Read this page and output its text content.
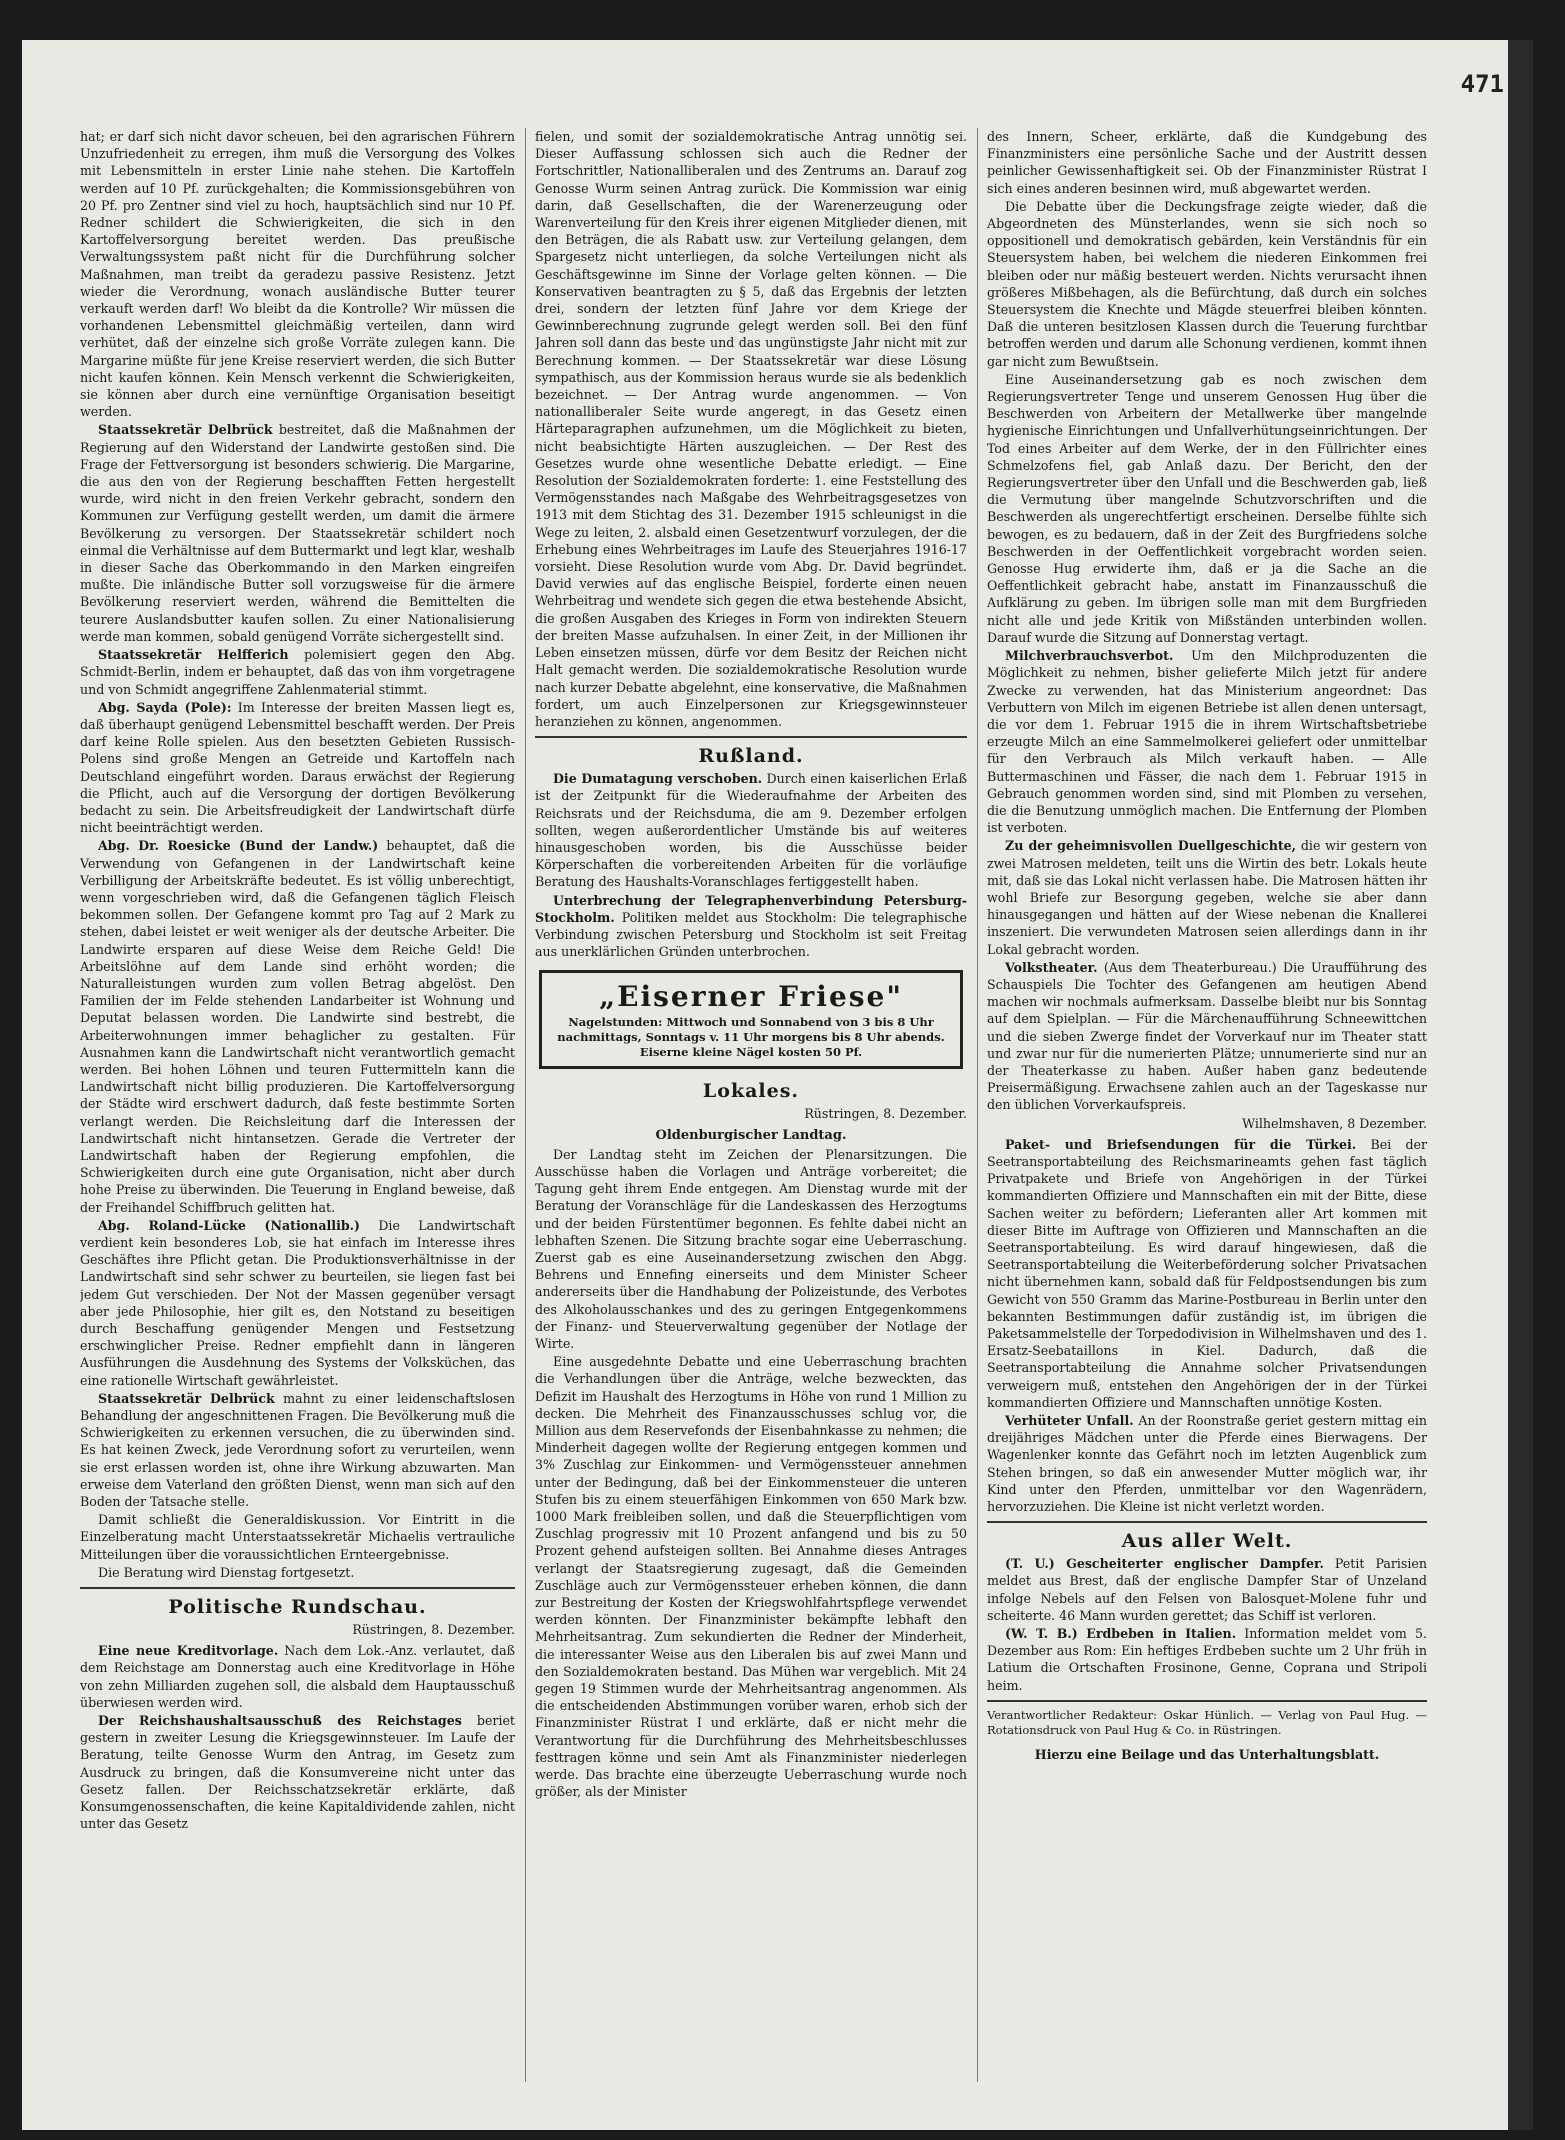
471

hat; er darf sich nicht davor scheuen, bei den agrarischen Führern Unzufriedenheit zu erregen, ihm muß die Versorgung des Volkes mit Lebensmitteln in erster Linie nahe stehen. Die Kartoffeln werden auf 10 Pf. zurückgehalten; die Kommissionsgebühren von 20 Pf. pro Zentner sind viel zu hoch, hauptsächlich sind nur 10 Pf. Redner schildert die Schwierigkeiten, die sich in den Kartoffelversorgung bereitet werden. Das preußische Verwaltungssystem paßt nicht für die Durchführung solcher Maßnahmen, man treibt da geradezu passive Resistenz. Jetzt wieder die Verordnung, wonach ausländische Butter teurer verkauft werden darf! Wo bleibt da die Kontrolle? Wir müssen die vorhandenen Lebensmittel gleichmäßig verteilen, dann wird verhütet, daß der einzelne sich große Vorräte zulegen kann. Die Margarine müßte für jene Kreise reserviert werden, die sich Butter nicht kaufen können. Kein Mensch verkennt die Schwierigkeiten, sie können aber durch eine vernünftige Organisation beseitigt werden.

Staatssekretär Delbrück bestreitet, daß die Maßnahmen der Regierung auf den Widerstand der Landwirte gestoßen sind. Die Frage der Fettversorgung ist besonders schwierig. Die Margarine, die aus den von der Regierung beschafften Fetten hergestellt wurde, wird nicht in den freien Verkehr gebracht, sondern den Kommunen zur Verfügung gestellt werden, um damit die ärmere Bevölkerung zu versorgen. Der Staatssekretär schildert noch einmal die Verhältnisse auf dem Buttermarkt und legt klar, weshalb in dieser Sache das Oberkommando in den Marken eingreifen mußte. Die inländische Butter soll vorzugsweise für die ärmere Bevölkerung reserviert werden, während die Bemittelten die teurere Auslandsbutter kaufen sollen. Zu einer Nationalisierung werde man kommen, sobald genügend Vorräte sichergestellt sind.

Staatssekretär Helfferich polemisiert gegen den Abg. Schmidt-Berlin, indem er behauptet, daß das von ihm vorgetragene und von Schmidt angegriffene Zahlenmaterial stimmt.

Abg. Sayda (Pole): Im Interesse der breiten Massen liegt es, daß überhaupt genügend Lebensmittel beschafft werden. Der Preis darf keine Rolle spielen. Aus den besetzten Gebieten Russisch-Polens sind große Mengen an Getreide und Kartoffeln nach Deutschland eingeführt worden. Daraus erwächst der Regierung die Pflicht, auch auf die Versorgung der dortigen Bevölkerung bedacht zu sein. Die Arbeitsfreudigkeit der Landwirtschaft dürfe nicht beeinträchtigt werden.

Abg. Dr. Roesicke (Bund der Landw.) behauptet, daß die Verwendung von Gefangenen in der Landwirtschaft keine Verbilligung der Arbeitskräfte bedeutet. Es ist völlig unberechtigt, wenn vorgeschrieben wird, daß die Gefangenen täglich Fleisch bekommen sollen. Der Gefangene kommt pro Tag auf 2 Mark zu stehen, dabei leistet er weit weniger als der deutsche Arbeiter. Die Landwirte ersparen auf diese Weise dem Reiche Geld! Die Arbeitslöhne auf dem Lande sind erhöht worden; die Naturalleistungen wurden zum vollen Betrag abgelöst. Den Familien der im Felde stehenden Landarbeiter ist Wohnung und Deputat belassen worden. Die Landwirte sind bestrebt, die Arbeiterwohnungen immer behaglicher zu gestalten. Für Ausnahmen kann die Landwirtschaft nicht verantwortlich gemacht werden. Bei hohen Löhnen und teuren Futtermitteln kann die Landwirtschaft nicht billig produzieren. Die Kartoffelversorgung der Städte wird erschwert dadurch, daß feste bestimmte Sorten verlangt werden. Die Reichsleitung darf die Interessen der Landwirtschaft nicht hintansetzen. Gerade die Vertreter der Landwirtschaft haben der Regierung empfohlen, die Schwierigkeiten durch eine gute Organisation, nicht aber durch hohe Preise zu überwinden. Die Teuerung in England beweise, daß der Freihandel Schiffbruch gelitten hat.

Abg. Roland-Lücke (Nationallib.) Die Landwirtschaft verdient kein besonderes Lob, sie hat einfach im Interesse ihres Geschäftes ihre Pflicht getan. Die Produktionsverhältnisse in der Landwirtschaft sind sehr schwer zu beurteilen, sie liegen fast bei jedem Gut verschieden. Der Not der Massen gegenüber versagt aber jede Philosophie, hier gilt es, den Notstand zu beseitigen durch Beschaffung genügender Mengen und Festsetzung erschwinglicher Preise. Redner empfiehlt dann in längeren Ausführungen die Ausdehnung des Systems der Volksküchen, das eine rationelle Wirtschaft gewährleistet.

Staatssekretär Delbrück mahnt zu einer leidenschaftslosen Behandlung der angeschnittenen Fragen. Die Bevölkerung muß die Schwierigkeiten zu erkennen versuchen, die zu überwinden sind. Es hat keinen Zweck, jede Verordnung sofort zu verurteilen, wenn sie erst erlassen worden ist, ohne ihre Wirkung abzuwarten. Man erweise dem Vaterland den größten Dienst, wenn man sich auf den Boden der Tatsache stelle.

Damit schließt die Generaldiskussion. Vor Eintritt in die Einzelberatung macht Unterstaatssekretär Michaelis vertrauliche Mitteilungen über die voraussichtlichen Ernteergebnisse.

Die Beratung wird Dienstag fortgesetzt.

Politische Rundschau.
Rüstringen, 8. Dezember.

Eine neue Kreditvorlage. Nach dem Lok.-Anz. verlautet, daß dem Reichstage am Donnerstag auch eine Kreditvorlage in Höhe von zehn Milliarden zugehen soll, die alsbald dem Hauptausschuß überwiesen werden wird.

Der Reichshaushaltsausschuß des Reichstages beriet gestern in zweiter Lesung die Kriegsgewinnsteuer. Im Laufe der Beratung, teilte Genosse Wurm den Antrag, im Gesetz zum Ausdruck zu bringen, daß die Konsumvereine nicht unter das Gesetz fallen. Der Reichsschatzsekretär erklärte, daß Konsumgenossenschaften, die keine Kapitaldividende zahlen, nicht unter das Gesetz

fielen, und somit der sozialdemokratische Antrag unnötig sei. Dieser Auffassung schlossen sich auch die Redner der Fortschrittler, Nationalliberalen und des Zentrums an. Darauf zog Genosse Wurm seinen Antrag zurück. Die Kommission war einig darin, daß Gesellschaften, die der Warenerzeugung oder Warenverteilung für den Kreis ihrer eigenen Mitglieder dienen, mit den Beträgen, die als Rabatt usw. zur Verteilung gelangen, dem Spargesetz nicht unterliegen, da solche Verteilungen nicht als Geschäftsgewinne im Sinne der Vorlage gelten können. — Die Konservativen beantragten zu § 5, daß das Ergebnis der letzten drei, sondern der letzten fünf Jahre vor dem Kriege der Gewinnberechnung zugrunde gelegt werden soll. Bei den fünf Jahren soll dann das beste und das ungünstigste Jahr nicht mit zur Berechnung kommen. — Der Staatssekretär war diese Lösung sympathisch, aus der Kommission heraus wurde sie als bedenklich bezeichnet. — Der Antrag wurde angenommen. — Von nationalliberaler Seite wurde angeregt, in das Gesetz einen Härteparagraphen aufzunehmen, um die Möglichkeit zu bieten, nicht beabsichtigte Härten auszugleichen. — Der Rest des Gesetzes wurde ohne wesentliche Debatte erledigt. — Eine Resolution der Sozialdemokraten forderte: 1. eine Feststellung des Vermögensstandes nach Maßgabe des Wehrbeitragsgesetzes von 1913 mit dem Stichtag des 31. Dezember 1915 schleunigst in die Wege zu leiten, 2. alsbald einen Gesetzentwurf vorzulegen, der die Erhebung eines Wehrbeitrages im Laufe des Steuerjahres 1916-17 vorsieht. Diese Resolution wurde vom Abg. Dr. David begründet. David verwies auf das englische Beispiel, forderte einen neuen Wehrbeitrag und wendete sich gegen die etwa bestehende Absicht, die großen Ausgaben des Krieges in Form von indirekten Steuern der breiten Masse aufzuhalsen. In einer Zeit, in der Millionen ihr Leben einsetzen müssen, dürfe vor dem Besitz der Reichen nicht Halt gemacht werden. Die sozialdemokratische Resolution wurde nach kurzer Debatte abgelehnt, eine konservative, die Maßnahmen fordert, um auch Einzelpersonen zur Kriegsgewinnsteuer heranziehen zu können, angenommen.

Rußland.

Die Dumatagung verschoben. Durch einen kaiserlichen Erlaß ist der Zeitpunkt für die Wiederaufnahme der Arbeiten des Reichsrats und der Reichsduma, die am 9. Dezember erfolgen sollten, wegen außerordentlicher Umstände bis auf weiteres hinausgeschoben worden, bis die Ausschüsse beider Körperschaften die vorbereitenden Arbeiten für die vorläufige Beratung des Haushalts-Voranschlages fertiggestellt haben.

Unterbrechung der Telegraphenverbindung Petersburg-Stockholm. Politiken meldet aus Stockholm: Die telegraphische Verbindung zwischen Petersburg und Stockholm ist seit Freitag aus unerklärlichen Gründen unterbrochen.

„Eiserner Friese"
Nagelstunden: Mittwoch und Sonnabend von 3 bis 8 Uhr nachmittags, Sonntags v. 11 Uhr morgens bis 8 Uhr abends.
Eiserne kleine Nägel kosten 50 Pf.
Lokales.
Rüstringen, 8. Dezember.
Oldenburgischer Landtag.

Der Landtag steht im Zeichen der Plenarsitzungen. Die Ausschüsse haben die Vorlagen und Anträge vorbereitet; die Tagung geht ihrem Ende entgegen. Am Dienstag wurde mit der Beratung der Voranschläge für die Landeskassen des Herzogtums und der beiden Fürstentümer begonnen. Es fehlte dabei nicht an lebhaften Szenen. Die Sitzung brachte sogar eine Ueberraschung. Zuerst gab es eine Auseinandersetzung zwischen den Abgg. Behrens und Ennefing einerseits und dem Minister Scheer andererseits über die Handhabung der Polizeistunde, des Verbotes des Alkoholausschankes und des zu geringen Entgegenkommens der Finanz- und Steuerverwaltung gegenüber der Notlage der Wirte.

Eine ausgedehnte Debatte und eine Ueberraschung brachten die Verhandlungen über die Anträge, welche bezweckten, das Defizit im Haushalt des Herzogtums in Höhe von rund 1 Million zu decken. Die Mehrheit des Finanzausschusses schlug vor, die Million aus dem Reservefonds der Eisenbahnkasse zu nehmen; die Minderheit dagegen wollte der Regierung entgegen kommen und 3% Zuschlag zur Einkommen- und Vermögenssteuer annehmen unter der Bedingung, daß bei der Einkommensteuer die unteren Stufen bis zu einem steuerfähigen Einkommen von 650 Mark bzw. 1000 Mark freibleiben sollen, und daß die Steuerpflichtigen vom Zuschlag progressiv mit 10 Prozent anfangend und bis zu 50 Prozent gehend aufsteigen sollten. Bei Annahme dieses Antrages verlangt der Staatsregierung zugesagt, daß die Gemeinden Zuschläge auch zur Vermögenssteuer erheben können, die dann zur Bestreitung der Kosten der Kriegswohlfahrtspflege verwendet werden könnten. Der Finanzminister bekämpfte lebhaft den Mehrheitsantrag. Zum sekundierten die Redner der Minderheit, die interessanter Weise aus den Liberalen bis auf zwei Mann und den Sozialdemokraten bestand. Das Mühen war vergeblich. Mit 24 gegen 19 Stimmen wurde der Mehrheitsantrag angenommen. Als die entscheidenden Abstimmungen vorüber waren, erhob sich der Finanzminister Rüstrat I und erklärte, daß er nicht mehr die Verantwortung für die Durchführung des Mehrheitsbeschlusses festtragen könne und sein Amt als Finanzminister niederlegen werde. Das brachte eine überzeugte Ueberraschung wurde noch größer, als der Minister

des Innern, Scheer, erklärte, daß die Kundgebung des Finanzministers eine persönliche Sache und der Austritt dessen peinlicher Gewissenhaftigkeit sei. Ob der Finanzminister Rüstrat I sich eines anderen besinnen wird, muß abgewartet werden.

Die Debatte über die Deckungsfrage zeigte wieder, daß die Abgeordneten des Münsterlandes, wenn sie sich noch so oppositionell und demokratisch gebärden, kein Verständnis für ein Steuersystem haben, bei welchem die niederen Einkommen frei bleiben oder nur mäßig besteuert werden. Nichts verursacht ihnen größeres Mißbehagen, als die Befürchtung, daß durch ein solches Steuersystem die Knechte und Mägde steuerfrei bleiben könnten. Daß die unteren besitzlosen Klassen durch die Teuerung furchtbar betroffen werden und darum alle Schonung verdienen, kommt ihnen gar nicht zum Bewußtsein.

Eine Auseinandersetzung gab es noch zwischen dem Regierungsvertreter Tenge und unserem Genossen Hug über die Beschwerden von Arbeitern der Metallwerke über mangelnde hygienische Einrichtungen und Unfallverhütungseinrichtungen. Der Tod eines Arbeiter auf dem Werke, der in den Füllrichter eines Schmelzofens fiel, gab Anlaß dazu. Der Bericht, den der Regierungsvertreter über den Unfall und die Beschwerden gab, ließ die Vermutung über mangelnde Schutzvorschriften und die Beschwerden als ungerechtfertigt erscheinen. Derselbe fühlte sich bewogen, es zu bedauern, daß in der Zeit des Burgfriedens solche Beschwerden in der Oeffentlichkeit vorgebracht worden seien. Genosse Hug erwiderte ihm, daß er ja die Sache an die Oeffentlichkeit gebracht habe, anstatt im Finanzausschuß die Aufklärung zu geben. Im übrigen solle man mit dem Burgfrieden nicht alle und jede Kritik von Mißständen unterbinden wollen. Darauf wurde die Sitzung auf Donnerstag vertagt.

Milchverbrauchsverbot. Um den Milchproduzenten die Möglichkeit zu nehmen, bisher gelieferte Milch jetzt für andere Zwecke zu verwenden, hat das Ministerium angeordnet: Das Verbuttern von Milch im eigenen Betriebe ist allen denen untersagt, die vor dem 1. Februar 1915 die in ihrem Wirtschaftsbetriebe erzeugte Milch an eine Sammelmolkerei geliefert oder unmittelbar für den Verbrauch als Milch verkauft haben. — Alle Buttermaschinen und Fässer, die nach dem 1. Februar 1915 in Gebrauch genommen worden sind, sind mit Plomben zu versehen, die die Benutzung unmöglich machen. Die Entfernung der Plomben ist verboten.

Zu der geheimnisvollen Duellgeschichte, die wir gestern von zwei Matrosen meldeten, teilt uns die Wirtin des betr. Lokals heute mit, daß sie das Lokal nicht verlassen habe. Die Matrosen hätten ihr wohl Briefe zur Besorgung gegeben, welche sie aber dann hinausgegangen und hätten auf der Wiese nebenan die Knallerei inszeniert. Die verwundeten Matrosen seien allerdings dann in ihr Lokal gebracht worden.

Volkstheater. (Aus dem Theaterbureau.) Die Uraufführung des Schauspiels Die Tochter des Gefangenen am heutigen Abend machen wir nochmals aufmerksam. Dasselbe bleibt nur bis Sonntag auf dem Spielplan. — Für die Märchenaufführung Schneewittchen und die sieben Zwerge findet der Vorverkauf nur im Theater statt und zwar nur für die numerierten Plätze; unnumerierte sind nur an der Theaterkasse zu haben. Außer haben ganz bedeutende Preisermäßigung. Erwachsene zahlen auch an der Tageskasse nur den üblichen Vorverkaufspreis.

Wilhelmshaven, 8 Dezember.

Paket- und Briefsendungen für die Türkei. Bei der Seetransportabteilung des Reichsmarineamts gehen fast täglich Privatpakete und Briefe von Angehörigen in der Türkei kommandierten Offiziere und Mannschaften ein mit der Bitte, diese Sachen weiter zu befördern; Lieferanten aller Art kommen mit dieser Bitte im Auftrage von Offizieren und Mannschaften an die Seetransportabteilung. Es wird darauf hingewiesen, daß die Seetransportabteilung die Weiterbeförderung solcher Privatsachen nicht übernehmen kann, sobald daß für Feldpostsendungen bis zum Gewicht von 550 Gramm das Marine-Postbureau in Berlin unter den bekannten Bestimmungen dafür zuständig ist, im übrigen die Paketsammelstelle der Torpedodivision in Wilhelmshaven und des 1. Ersatz-Seebataillons in Kiel. Dadurch, daß die Seetransportabteilung die Annahme solcher Privatsendungen verweigern muß, entstehen den Angehörigen der in der Türkei kommandierten Offiziere und Mannschaften unnötige Kosten.

Verhüteter Unfall. An der Roonstraße geriet gestern mittag ein dreijähriges Mädchen unter die Pferde eines Bierwagens. Der Wagenlenker konnte das Gefährt noch im letzten Augenblick zum Stehen bringen, so daß ein anwesender Mutter möglich war, ihr Kind unter den Pferden, unmittelbar vor den Wagenrädern, hervorzuziehen. Die Kleine ist nicht verletzt worden.

Aus aller Welt.

(T. U.) Gescheiterter englischer Dampfer. Petit Parisien meldet aus Brest, daß der englische Dampfer Star of Unzeland infolge Nebels auf den Felsen von Balosquet-Molene fuhr und scheiterte. 46 Mann wurden gerettet; das Schiff ist verloren.

(W. T. B.) Erdbeben in Italien. Information meldet vom 5. Dezember aus Rom: Ein heftiges Erdbeben suchte um 2 Uhr früh in Latium die Ortschaften Frosinone, Genne, Coprana und Stripoli heim.

Verantwortlicher Redakteur: Oskar Hünlich. — Verlag von Paul Hug. — Rotationsdruck von Paul Hug & Co. in Rüstringen.
Hierzu eine Beilage und das Unterhaltungsblatt.
